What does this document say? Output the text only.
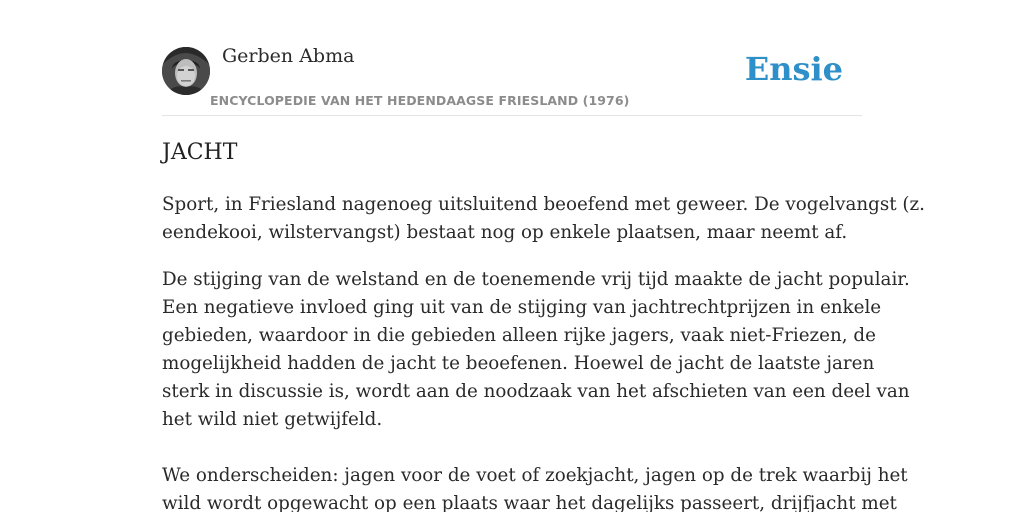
Gerben Abma
ENCYCLOPEDIE VAN HET HEDENDAAGSE FRIESLAND (1976)
Ensie
JACHT

Sport, in Friesland nagenoeg uitsluitend beoefend met geweer. De vogelvangst (z.

eendekooi, wilstervangst) bestaat nog op enkele plaatsen, maar neemt af.

De stijging van de welstand en de toenemende vrij tijd maakte de jacht populair.

Een negatieve invloed ging uit van de stijging van jachtrechtprijzen in enkele

gebieden, waardoor in die gebieden alleen rijke jagers, vaak niet-Friezen, de

mogelijkheid hadden de jacht te beoefenen. Hoewel de jacht de laatste jaren

sterk in discussie is, wordt aan de noodzaak van het afschieten van een deel van

het wild niet getwijfeld.

We onderscheiden: jagen voor de voet of zoekjacht, jagen op de trek waarbij het

wild wordt opgewacht op een plaats waar het dagelijks passeert, drijfjacht met
